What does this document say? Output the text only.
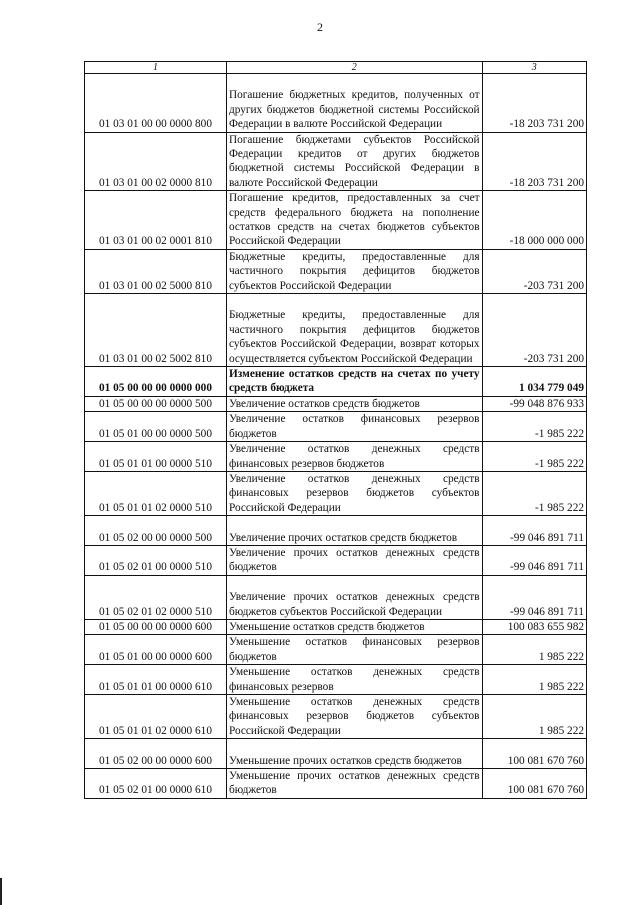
2
1	2	3
01 03 01 00 00 0000 800	Погашение бюджетных кредитов, полученных от других бюджетов бюджетной системы Российской Федерации в валюте Российской Федерации	-18 203 731 200
01 03 01 00 02 0000 810	Погашение бюджетами субъектов Российской Федерации кредитов от других бюджетов бюджетной системы Российской Федерации в валюте Российской Федерации	-18 203 731 200
01 03 01 00 02 0001 810	Погашение кредитов, предоставленных за счет средств федерального бюджета на пополнение остатков средств на счетах бюджетов субъектов Российской Федерации	-18 000 000 000
01 03 01 00 02 5000 810	Бюджетные кредиты, предоставленные для частичного покрытия дефицитов бюджетов субъектов Российской Федерации	-203 731 200
01 03 01 00 02 5002 810	Бюджетные кредиты, предоставленные для частичного покрытия дефицитов бюджетов субъектов Российской Федерации, возврат которых осуществляется субъектом Российской Федерации	-203 731 200
01 05 00 00 00 0000 000	Изменение остатков средств на счетах по учету средств бюджета	1 034 779 049
01 05 00 00 00 0000 500	Увеличение остатков средств бюджетов	-99 048 876 933
01 05 01 00 00 0000 500	Увеличение остатков финансовых резервов бюджетов	-1 985 222
01 05 01 01 00 0000 510	Увеличение остатков денежных средств финансовых резервов бюджетов	-1 985 222
01 05 01 01 02 0000 510	Увеличение остатков денежных средств финансовых резервов бюджетов субъектов Российской Федерации	-1 985 222
01 05 02 00 00 0000 500	Увеличение прочих остатков средств бюджетов	-99 046 891 711
01 05 02 01 00 0000 510	Увеличение прочих остатков денежных средств бюджетов	-99 046 891 711
01 05 02 01 02 0000 510	Увеличение прочих остатков денежных средств бюджетов субъектов Российской Федерации	-99 046 891 711
01 05 00 00 00 0000 600	Уменьшение остатков средств бюджетов	100 083 655 982
01 05 01 00 00 0000 600	Уменьшение остатков финансовых резервов бюджетов	1 985 222
01 05 01 01 00 0000 610	Уменьшение остатков денежных средств финансовых резервов	1 985 222
01 05 01 01 02 0000 610	Уменьшение остатков денежных средств финансовых резервов бюджетов субъектов Российской Федерации	1 985 222
01 05 02 00 00 0000 600	Уменьшение прочих остатков средств бюджетов	100 081 670 760
01 05 02 01 00 0000 610	Уменьшение прочих остатков денежных средств бюджетов	100 081 670 760
